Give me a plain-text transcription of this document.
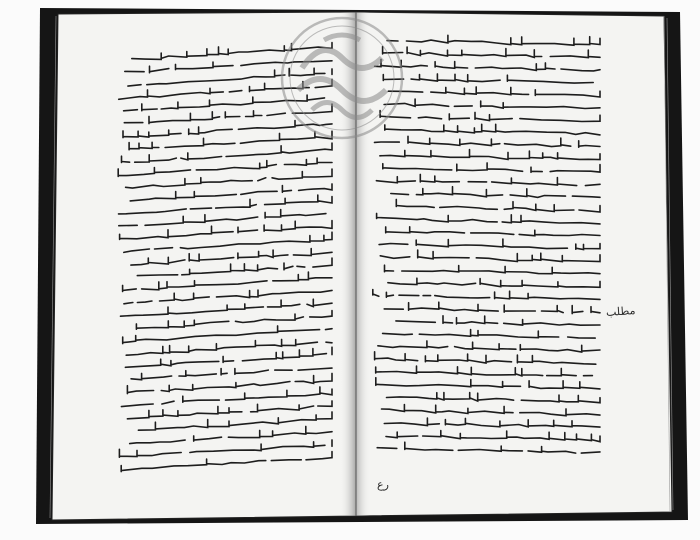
مطلب
رع
